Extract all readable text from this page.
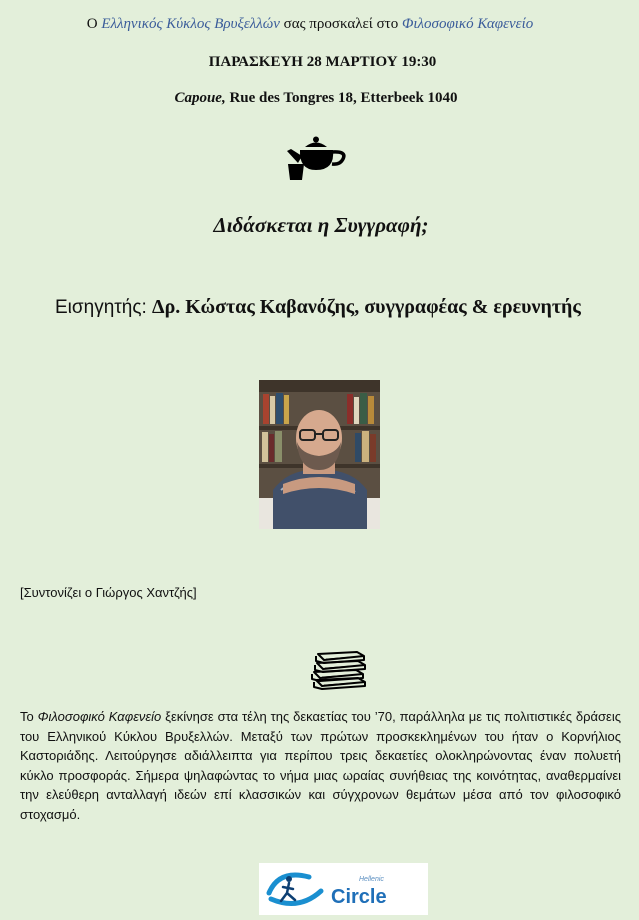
Ο Ελληνικός Κύκλος Βρυξελλών σας προσκαλεί στο Φιλοσοφικό Καφενείο
ΠΑΡΑΣΚΕΥΗ 28 ΜΑΡΤΙΟΥ 19:30
Capoue, Rue des Tongres 18, Etterbeek 1040
Διδάσκεται η Συγγραφή;
Εισηγητής: Δρ. Κώστας Καβανόζης, συγγραφέας & ερευνητής
[Συντονίζει ο Γιώργος Χαντζής]
Το Φιλοσοφικό Καφενείο ξεκίνησε στα τέλη της δεκαετίας του ’70, παράλληλα με τις πολιτιστικές δράσεις του Ελληνικού Κύκλου Βρυξελλών. Μεταξύ των πρώτων προσκεκλημένων του ήταν ο Κορνήλιος Καστοριάδης. Λειτούργησε αδιάλλειπτα για περίπου τρεις δεκαετίες ολοκληρώνοντας έναν πολυετή κύκλο προσφοράς. Σήμερα ψηλαφώντας το νήμα μιας ωραίας συνήθειας της κοινότητας, αναθερμαίνει την ελεύθερη ανταλλαγή ιδεών επί κλασσικών και σύγχρονων θεμάτων μέσα από τον φιλοσοφικό στοχασμό.
Hellenic
Circle
